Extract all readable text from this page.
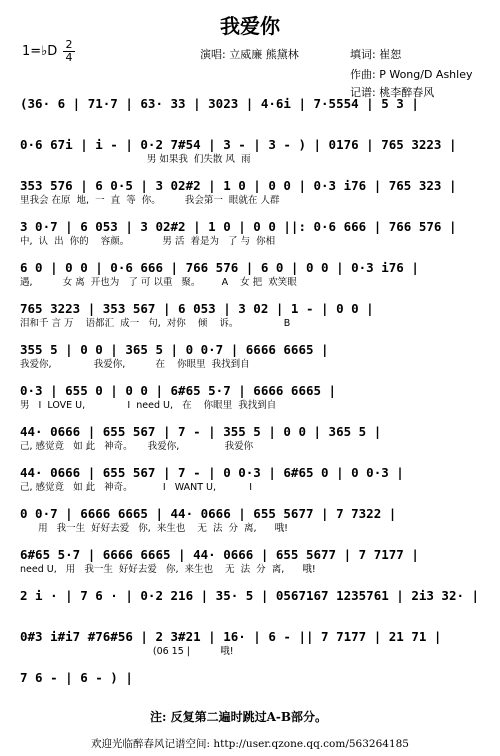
我爱你
1=♭D 2
4	演唱: 立威廉 熊黛林	填词: 崔恕
作曲: P Wong/D Ashley
记谱: 桃李醉春风
(36· 6 | 71·7 | 63· 33 | 3023 | 4·6i | 7·5554 | 5 3 |
0·6 67i | i - | 0·2 7#54 | 3 - | 3 - ) | 0176 | 765 3223 |
男 如果我  们失散 风  雨
353 576 | 6 0·5 | 3 02#2 | 1 0 | 0 0 | 0·3 i76 | 765 323 |
里我会 在原  地,  一  直  等  你。        我会第一  眼就在 人群
3 0·7 | 6 053 | 3 02#2 | 1 0 | 0 0 ||: 0·6 666 | 766 576 |
中,  认  出  你的    容颜。           男 活  着是为   了 与  你相
6 0 | 0 0 | 0·6 666 | 766 576 | 6 0 | 0 0 | 0·3 i76 |
遇,          女 离  开也为   了 可 以重   聚。       A    女 把  欢笑眼
765 3223 | 353 567 | 6 053 | 3 02 | 1 - | 0 0 |
泪和千 言 万    语都汇  成一   句,  对你    倾    诉。               B
355 5 | 0 0 | 365 5 | 0 0·7 | 6666 6665 |
我爱你,              我爱你,          在    你眼里  我找到自
0·3 | 655 0 | 0 0 | 6#65 5·7 | 6666 6665 |
男   I  LOVE U,              I  need U,   在    你眼里  我找到自
44· 0666 | 655 567 | 7 - | 355 5 | 0 0 | 365 5 |
己, 感觉竟   如 此   神奇。     我爱你,               我爱你
44· 0666 | 655 567 | 7 - | 0 0·3 | 6#65 0 | 0 0·3 |
己, 感觉竟   如 此   神奇。          I   WANT U,           I
0 0·7 | 6666 6665 | 44· 0666 | 655 5677 | 7 7322 |
用   我一生  好好去爱   你,  来生也    无  法  分  离,      哦!
6#65 5·7 | 6666 6665 | 44· 0666 | 655 5677 | 7 7177 |
need U,   用   我一生  好好去爱   你,  来生也    无  法  分  离,      哦!
2 i · | 7 6 · | 0·2 216 | 35· 5 | 0567167 1235761 | 2i3 32· |
0#3 i#i7 #76#56 | 2 3#21 | 16· | 6 - || 7 7177 | 21 71 |
(06 15 |          哦!
7 6 - | 6 - ) |
注: 反复第二遍时跳过A-B部分。
欢迎光临醉春风记谱空间: http://user.qzone.qq.com/563264185
